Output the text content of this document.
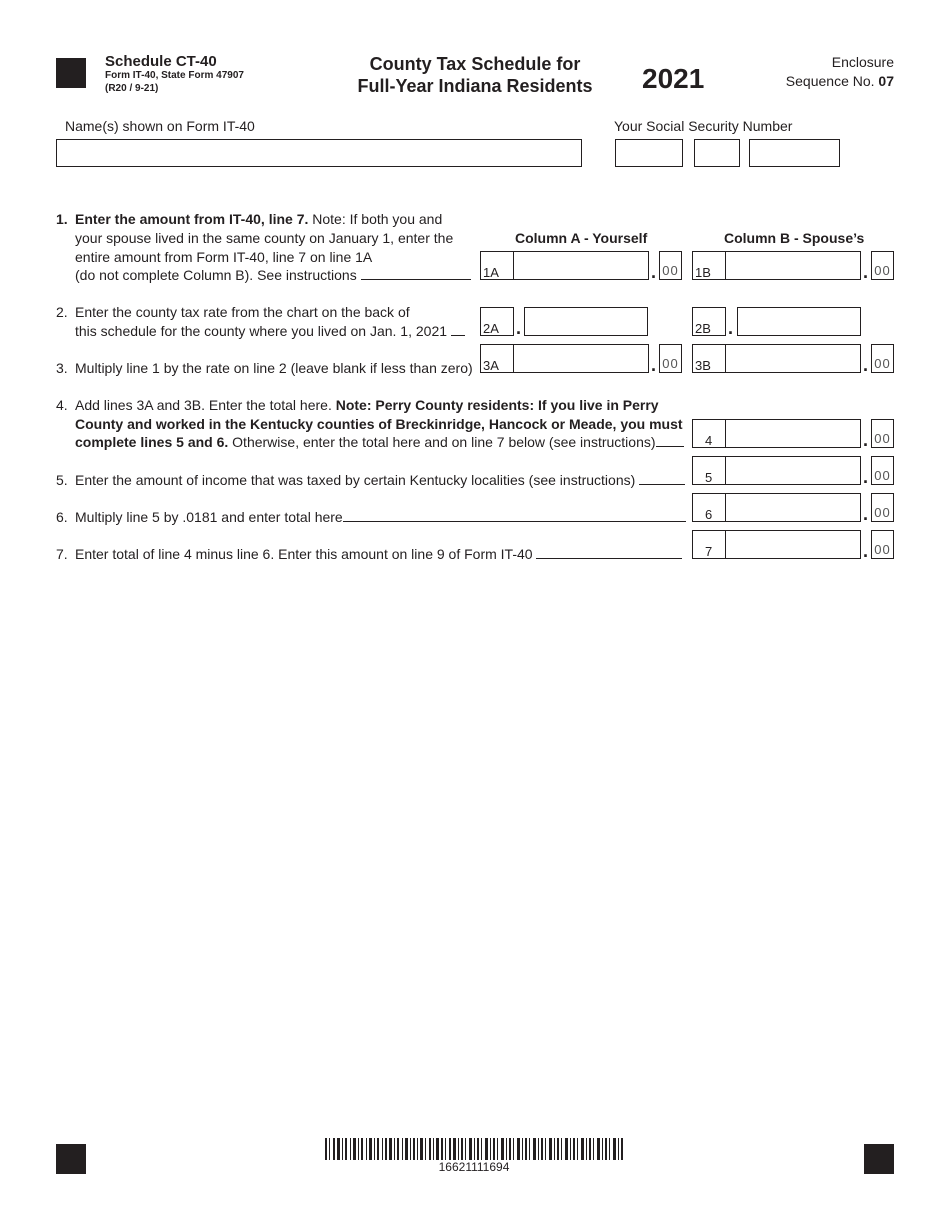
Schedule CT-40
Form IT-40, State Form 47907
(R20 / 9-21)
County Tax Schedule for
Full-Year Indiana Residents	2021
Enclosure
Sequence No. 07
Name(s) shown on Form IT-40	Your Social Security Number
Column A - Yourself	Column B - Spouse’s
1. Enter the amount from IT-40, line 7. Note: If both you and
your spouse lived in the same county on January 1, enter the
entire amount from Form IT-40, line 7 on line 1A
(do not complete Column B). See instructions	1A	. 00 1B	. 00
2. Enter the county tax rate from the chart on the back of
this schedule for the county where you lived on Jan. 1, 2021	2A .	2B .
3. Multiply line 1 by the rate on line 2 (leave blank if less than zero) 3A	. 00 3B	. 00
4. Add lines 3A and 3B. Enter the total here. Note: Perry County residents: If you live in Perry
County and worked in the Kentucky counties of Breckinridge, Hancock or Meade, you must
complete lines 5 and 6. Otherwise, enter the total here and on line 7 below (see instructions)	4	. 00
5. Enter the amount of income that was taxed by certain Kentucky localities (see instructions)	5	. 00
6. Multiply line 5 by .0181 and enter total here	6	. 00
7. Enter total of line 4 minus line 6. Enter this amount on line 9 of Form IT-40	7	. 00
16621111694
